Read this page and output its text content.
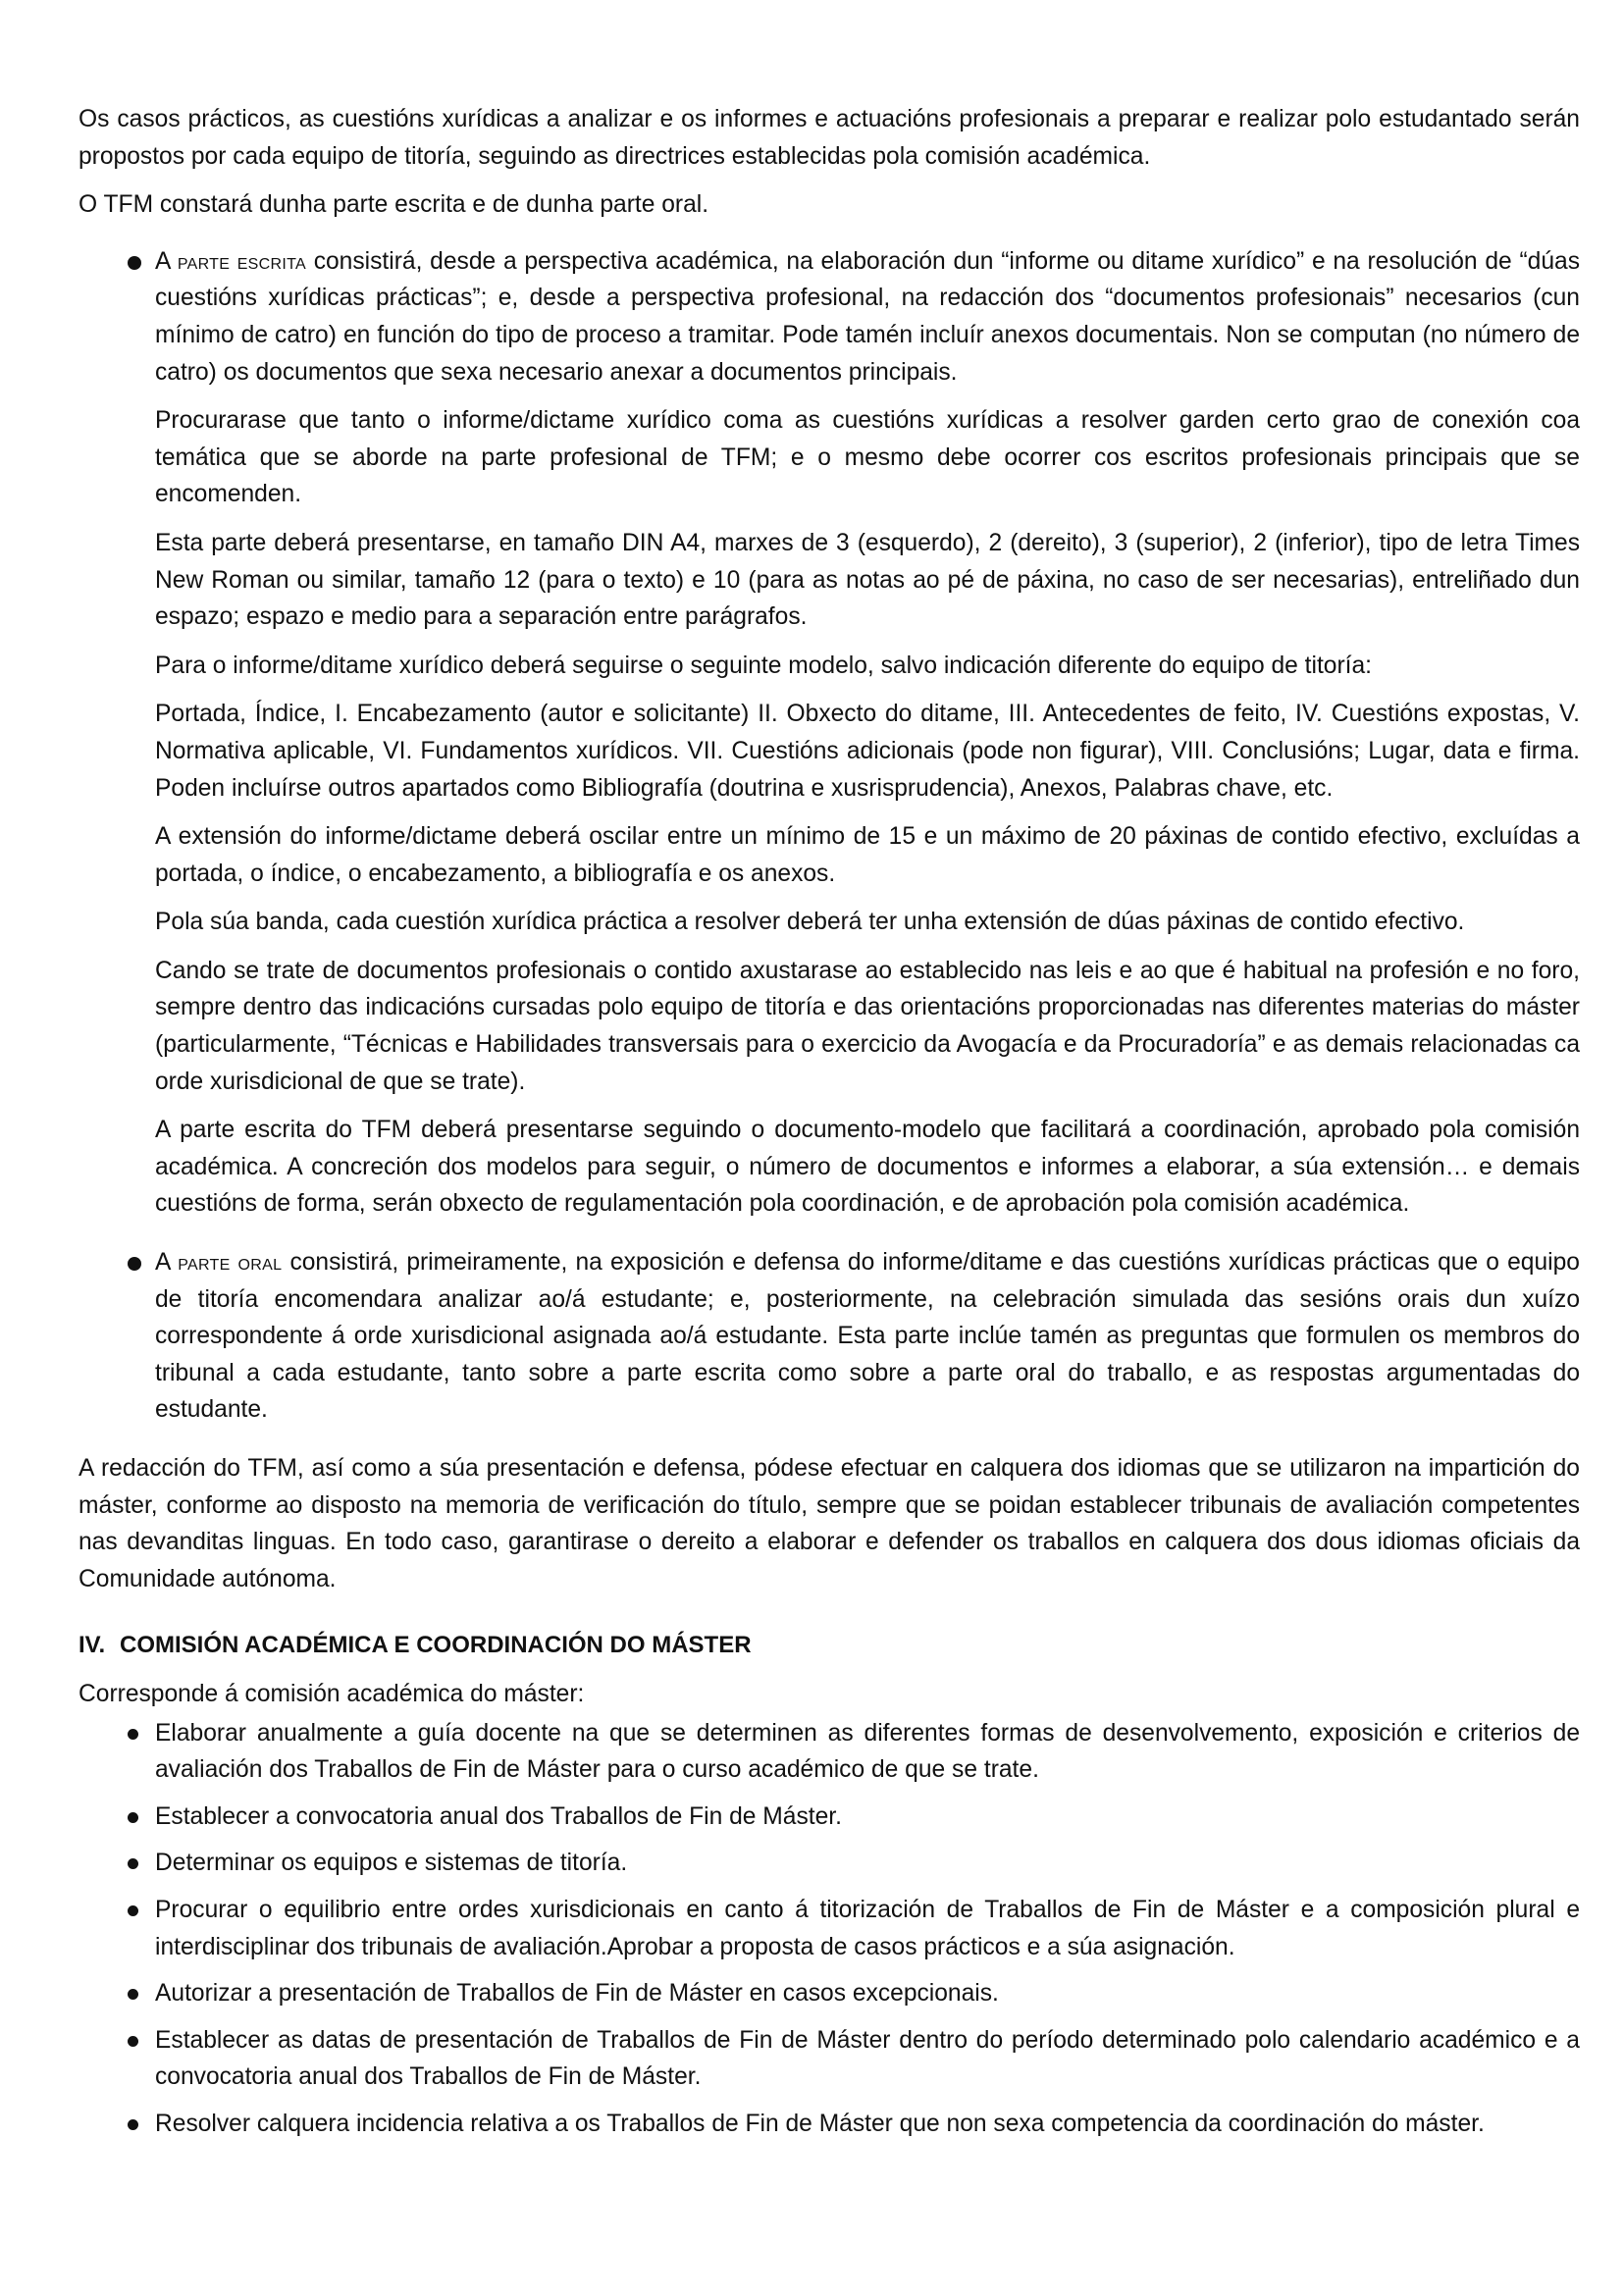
Os casos prácticos, as cuestións xurídicas a analizar e os informes e actuacións profesionais a preparar e realizar polo estudantado serán propostos por cada equipo de titoría, seguindo as directrices establecidas pola comisión académica.

O TFM constará dunha parte escrita e de dunha parte oral.

A parte escrita consistirá, desde a perspectiva académica, na elaboración dun “informe ou ditame xurídico” e na resolución de “dúas cuestións xurídicas prácticas”; e, desde a perspectiva profesional, na redacción dos “documentos profesionais” necesarios (cun mínimo de catro) en función do tipo de proceso a tramitar. Pode tamén incluír anexos documentais. Non se computan (no número de catro) os documentos que sexa necesario anexar a documentos principais.

Procurarase que tanto o informe/dictame xurídico coma as cuestións xurídicas a resolver garden certo grao de conexión coa temática que se aborde na parte profesional de TFM; e o mesmo debe ocorrer cos escritos profesionais principais que se encomenden.

Esta parte deberá presentarse, en tamaño DIN A4, marxes de 3 (esquerdo), 2 (dereito), 3 (superior), 2 (inferior), tipo de letra Times New Roman ou similar, tamaño 12 (para o texto) e 10 (para as notas ao pé de páxina, no caso de ser necesarias), entreliñado dun espazo; espazo e medio para a separación entre parágrafos.

Para o informe/ditame xurídico deberá seguirse o seguinte modelo, salvo indicación diferente do equipo de titoría:

Portada, Índice, I. Encabezamento (autor e solicitante) II. Obxecto do ditame, III. Antecedentes de feito, IV. Cuestións expostas, V. Normativa aplicable, VI. Fundamentos xurídicos. VII. Cuestións adicionais (pode non figurar), VIII. Conclusións; Lugar, data e firma. Poden incluírse outros apartados como Bibliografía (doutrina e xusrisprudencia), Anexos, Palabras chave, etc.

A extensión do informe/dictame deberá oscilar entre un mínimo de 15 e un máximo de 20 páxinas de contido efectivo, excluídas a portada, o índice, o encabezamento, a bibliografía e os anexos.

Pola súa banda, cada cuestión xurídica práctica a resolver deberá ter unha extensión de dúas páxinas de contido efectivo.

Cando se trate de documentos profesionais o contido axustarase ao establecido nas leis e ao que é habitual na profesión e no foro, sempre dentro das indicacións cursadas polo equipo de titoría e das orientacións proporcionadas nas diferentes materias do máster (particularmente, “Técnicas e Habilidades transversais para o exercicio da Avogacía e da Procuradoría” e as demais relacionadas ca orde xurisdicional de que se trate).

A parte escrita do TFM deberá presentarse seguindo o documento-modelo que facilitará a coordinación, aprobado pola comisión académica. A concreción dos modelos para seguir, o número de documentos e informes a elaborar, a súa extensión… e demais cuestións de forma, serán obxecto de regulamentación pola coordinación, e de aprobación pola comisión académica.

A parte oral consistirá, primeiramente, na exposición e defensa do informe/ditame e das cuestións xurídicas prácticas que o equipo de titoría encomendara analizar ao/á estudante; e, posteriormente, na celebración simulada das sesións orais dun xuízo correspondente á orde xurisdicional asignada ao/á estudante. Esta parte inclúe tamén as preguntas que formulen os membros do tribunal a cada estudante, tanto sobre a parte escrita como sobre a parte oral do traballo, e as respostas argumentadas do estudante.

A redacción do TFM, así como a súa presentación e defensa, pódese efectuar en calquera dos idiomas que se utilizaron na impartición do máster, conforme ao disposto na memoria de verificación do título, sempre que se poidan establecer tribunais de avaliación competentes nas devanditas linguas. En todo caso, garantirase o dereito a elaborar e defender os traballos en calquera dos dous idiomas oficiais da Comunidade autónoma.

IV. COMISIÓN ACADÉMICA E COORDINACIÓN DO MÁSTER

Corresponde á comisión académica do máster:

Elaborar anualmente a guía docente na que se determinen as diferentes formas de desenvolvemento, exposición e criterios de avaliación dos Traballos de Fin de Máster para o curso académico de que se trate.
Establecer a convocatoria anual dos Traballos de Fin de Máster.
Determinar os equipos e sistemas de titoría.
Procurar o equilibrio entre ordes xurisdicionais en canto á titorización de Traballos de Fin de Máster e a composición plural e interdisciplinar dos tribunais de avaliación.Aprobar a proposta de casos prácticos e a súa asignación.
Autorizar a presentación de Traballos de Fin de Máster en casos excepcionais.
Establecer as datas de presentación de Traballos de Fin de Máster dentro do período determinado polo calendario académico e a convocatoria anual dos Traballos de Fin de Máster.
Resolver calquera incidencia relativa a os Traballos de Fin de Máster que non sexa competencia da coordinación do máster.
